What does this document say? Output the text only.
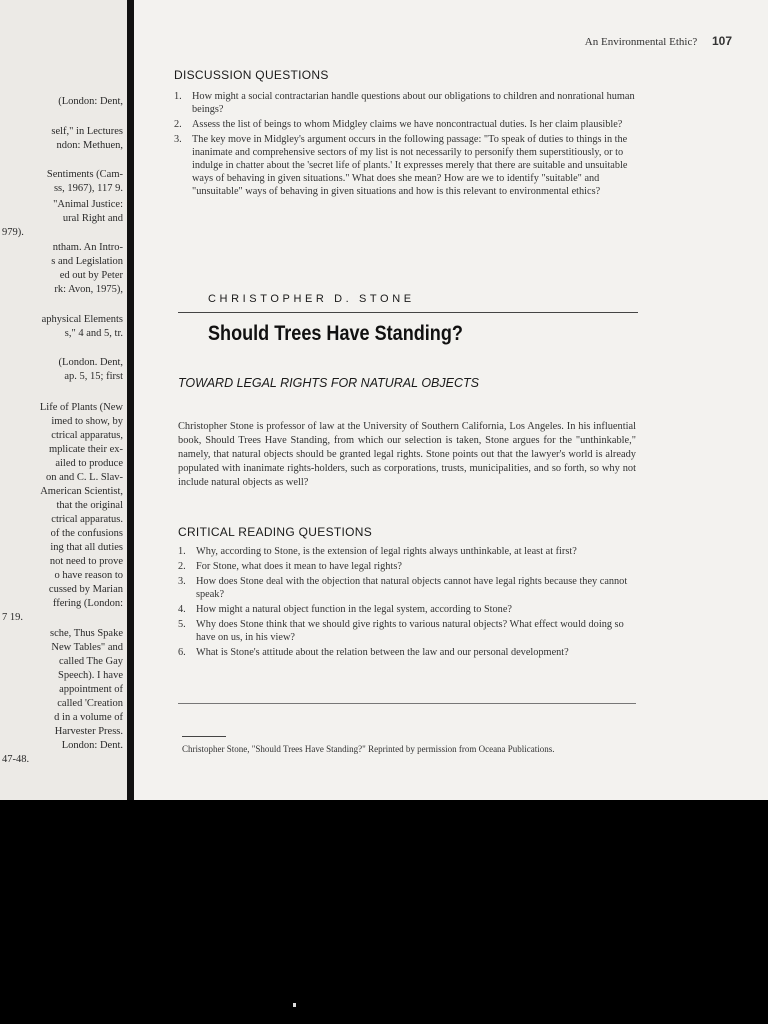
(London: Dent,
self," in Lectures
ndon: Methuen,
Sentiments (Cam-
ss, 1967), 117 9.
"Animal Justice:
ural Right and
979).
ntham. An Intro-
s and Legislation
ed out by Peter
rk: Avon, 1975),
aphysical Elements
s," 4 and 5, tr.
(London. Dent,
ap. 5, 15; first
Life of Plants (New
imed to show, by
ctrical apparatus,
mplicate their ex-
ailed to produce
on and C. L. Slav-
American Scientist,
that the original
ctrical apparatus.
of the confusions
ing that all duties
not need to prove
o have reason to
cussed by Marian
ffering (London:
7 19.
sche, Thus Spake
New Tables" and
called The Gay
Speech). I have
appointment of
called 'Creation
d in a volume of
Harvester Press.
London: Dent.
47-48.
An Environmental Ethic? 107
DISCUSSION QUESTIONS
1. How might a social contractarian handle questions about our obligations to children and nonrational human beings?
2. Assess the list of beings to whom Midgley claims we have noncontractual duties. Is her claim plausible?
3. The key move in Midgley's argument occurs in the following passage: "To speak of duties to things in the inanimate and comprehensive sectors of my list is not necessarily to personify them superstitiously, or to indulge in chatter about the 'secret life of plants.' It expresses merely that there are suitable and unsuitable ways of behaving in given situations." What does she mean? How are we to identify "suitable" and "unsuitable" ways of behaving in given situations and how is this relevant to environmental ethics?
CHRISTOPHER D. STONE
Should Trees Have Standing?
TOWARD LEGAL RIGHTS FOR NATURAL OBJECTS

Christopher Stone is professor of law at the University of Southern California, Los Angeles. In his influential book, Should Trees Have Standing, from which our selection is taken, Stone argues for the "unthinkable," namely, that natural objects should be granted legal rights. Stone points out that the lawyer's world is already populated with inanimate rights-holders, such as corporations, trusts, municipalities, and so forth, so why not include natural objects as well?

CRITICAL READING QUESTIONS
1. Why, according to Stone, is the extension of legal rights always unthinkable, at least at first?
2. For Stone, what does it mean to have legal rights?
3. How does Stone deal with the objection that natural objects cannot have legal rights because they cannot speak?
4. How might a natural object function in the legal system, according to Stone?
5. Why does Stone think that we should give rights to various natural objects? What effect would doing so have on us, in his view?
6. What is Stone's attitude about the relation between the law and our personal development?
Christopher Stone, "Should Trees Have Standing?" Reprinted by permission from Oceana Publications.
